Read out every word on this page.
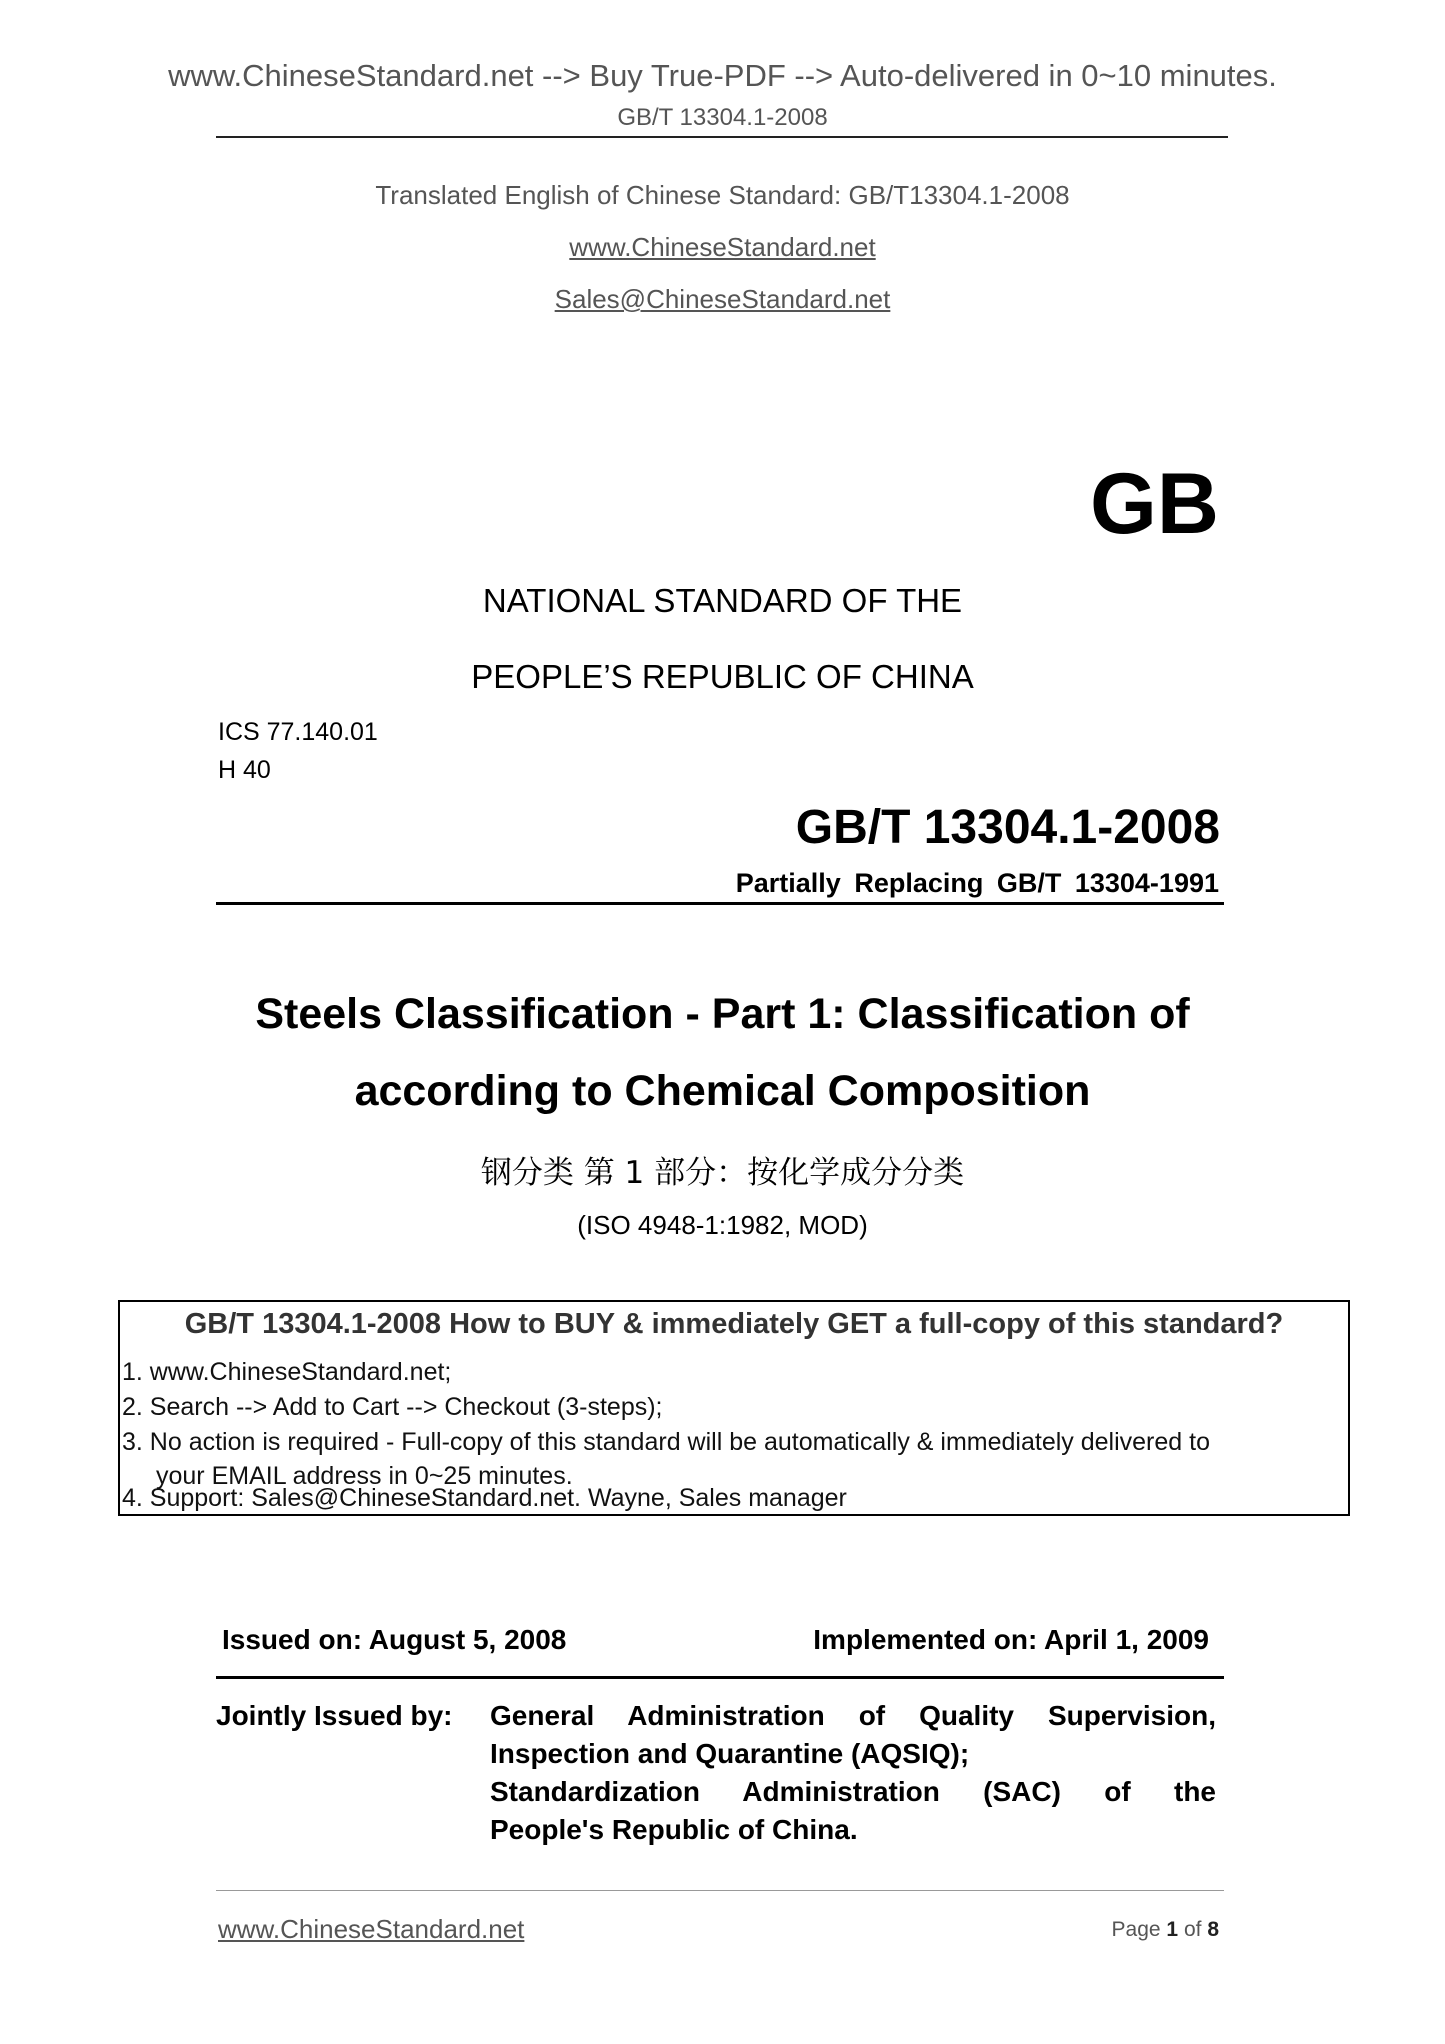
www.ChineseStandard.net --> Buy True-PDF --> Auto-delivered in 0~10 minutes.
GB/T 13304.1-2008
Translated English of Chinese Standard: GB/T13304.1-2008
www.ChineseStandard.net
Sales@ChineseStandard.net
GB
NATIONAL STANDARD OF THE
PEOPLE’S REPUBLIC OF CHINA
ICS 77.140.01
H 40
GB/T 13304.1-2008
Partially Replacing GB/T 13304-1991
Steels Classification - Part 1: Classification of
according to Chemical Composition
钢分类 第 1 部分：按化学成分分类
(ISO 4948-1:1982, MOD)
GB/T 13304.1-2008 How to BUY & immediately GET a full-copy of this standard?
1. www.ChineseStandard.net;
2. Search --> Add to Cart --> Checkout (3-steps);
3. No action is required - Full-copy of this standard will be automatically & immediately delivered to
your EMAIL address in 0~25 minutes.
4. Support: Sales@ChineseStandard.net. Wayne, Sales manager
Issued on: August 5, 2008	Implemented on: April 1, 2009
Jointly Issued by: General Administration of Quality Supervision,
Inspection and Quarantine (AQSIQ);
Standardization Administration (SAC) of the
People's Republic of China.
www.ChineseStandard.net	Page 1 of 8
